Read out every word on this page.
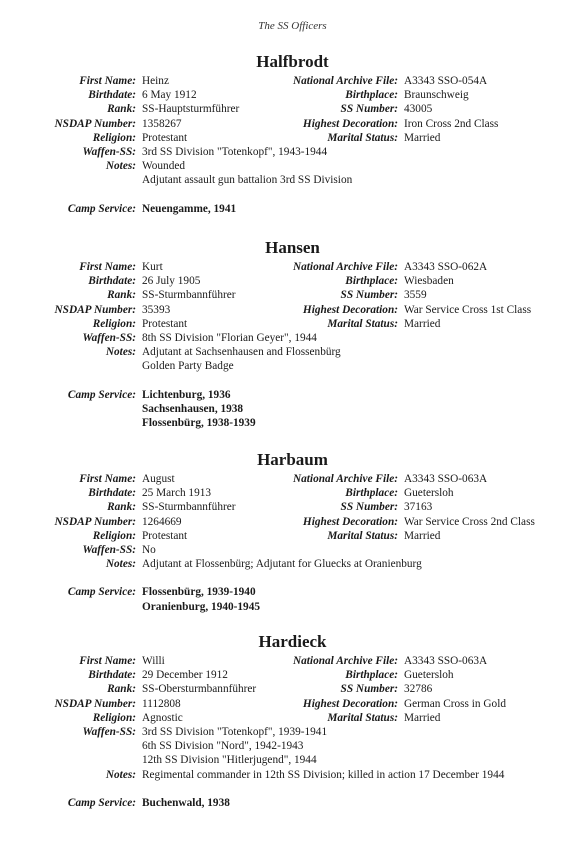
The SS Officers
Halfbrodt
First Name: Heinz	National Archive File: A3343 SSO-054A
Birthdate: 6 May 1912	Birthplace: Braunschweig
Rank: SS-Hauptsturmführer	SS Number: 43005
NSDAP Number: 1358267	Highest Decoration: Iron Cross 2nd Class
Religion: Protestant	Marital Status: Married
Waffen-SS: 3rd SS Division "Totenkopf", 1943-1944
Notes: Wounded
Adjutant assault gun battalion 3rd SS Division
Camp Service: Neuengamme, 1941
Hansen
First Name: Kurt	National Archive File: A3343 SSO-062A
Birthdate: 26 July 1905	Birthplace: Wiesbaden
Rank: SS-Sturmbannführer	SS Number: 3559
NSDAP Number: 35393	Highest Decoration: War Service Cross 1st Class
Religion: Protestant	Marital Status: Married
Waffen-SS: 8th SS Division "Florian Geyer", 1944
Notes: Adjutant at Sachsenhausen and Flossenbürg
Golden Party Badge
Camp Service: Lichtenburg, 1936
Sachsenhausen, 1938
Flossenbürg, 1938-1939
Harbaum
First Name: August	National Archive File: A3343 SSO-063A
Birthdate: 25 March 1913	Birthplace: Guetersloh
Rank: SS-Sturmbannführer	SS Number: 37163
NSDAP Number: 1264669	Highest Decoration: War Service Cross 2nd Class
Religion: Protestant	Marital Status: Married
Waffen-SS: No
Notes: Adjutant at Flossenbürg; Adjutant for Gluecks at Oranienburg
Camp Service: Flossenbürg, 1939-1940
Oranienburg, 1940-1945
Hardieck
First Name: Willi	National Archive File: A3343 SSO-063A
Birthdate: 29 December 1912	Birthplace: Guetersloh
Rank: SS-Obersturmbannführer	SS Number: 32786
NSDAP Number: 1112808	Highest Decoration: German Cross in Gold
Religion: Agnostic	Marital Status: Married
Waffen-SS: 3rd SS Division "Totenkopf", 1939-1941
6th SS Division "Nord", 1942-1943
12th SS Division "Hitlerjugend", 1944
Notes: Regimental commander in 12th SS Division; killed in action 17 December 1944
Camp Service: Buchenwald, 1938
